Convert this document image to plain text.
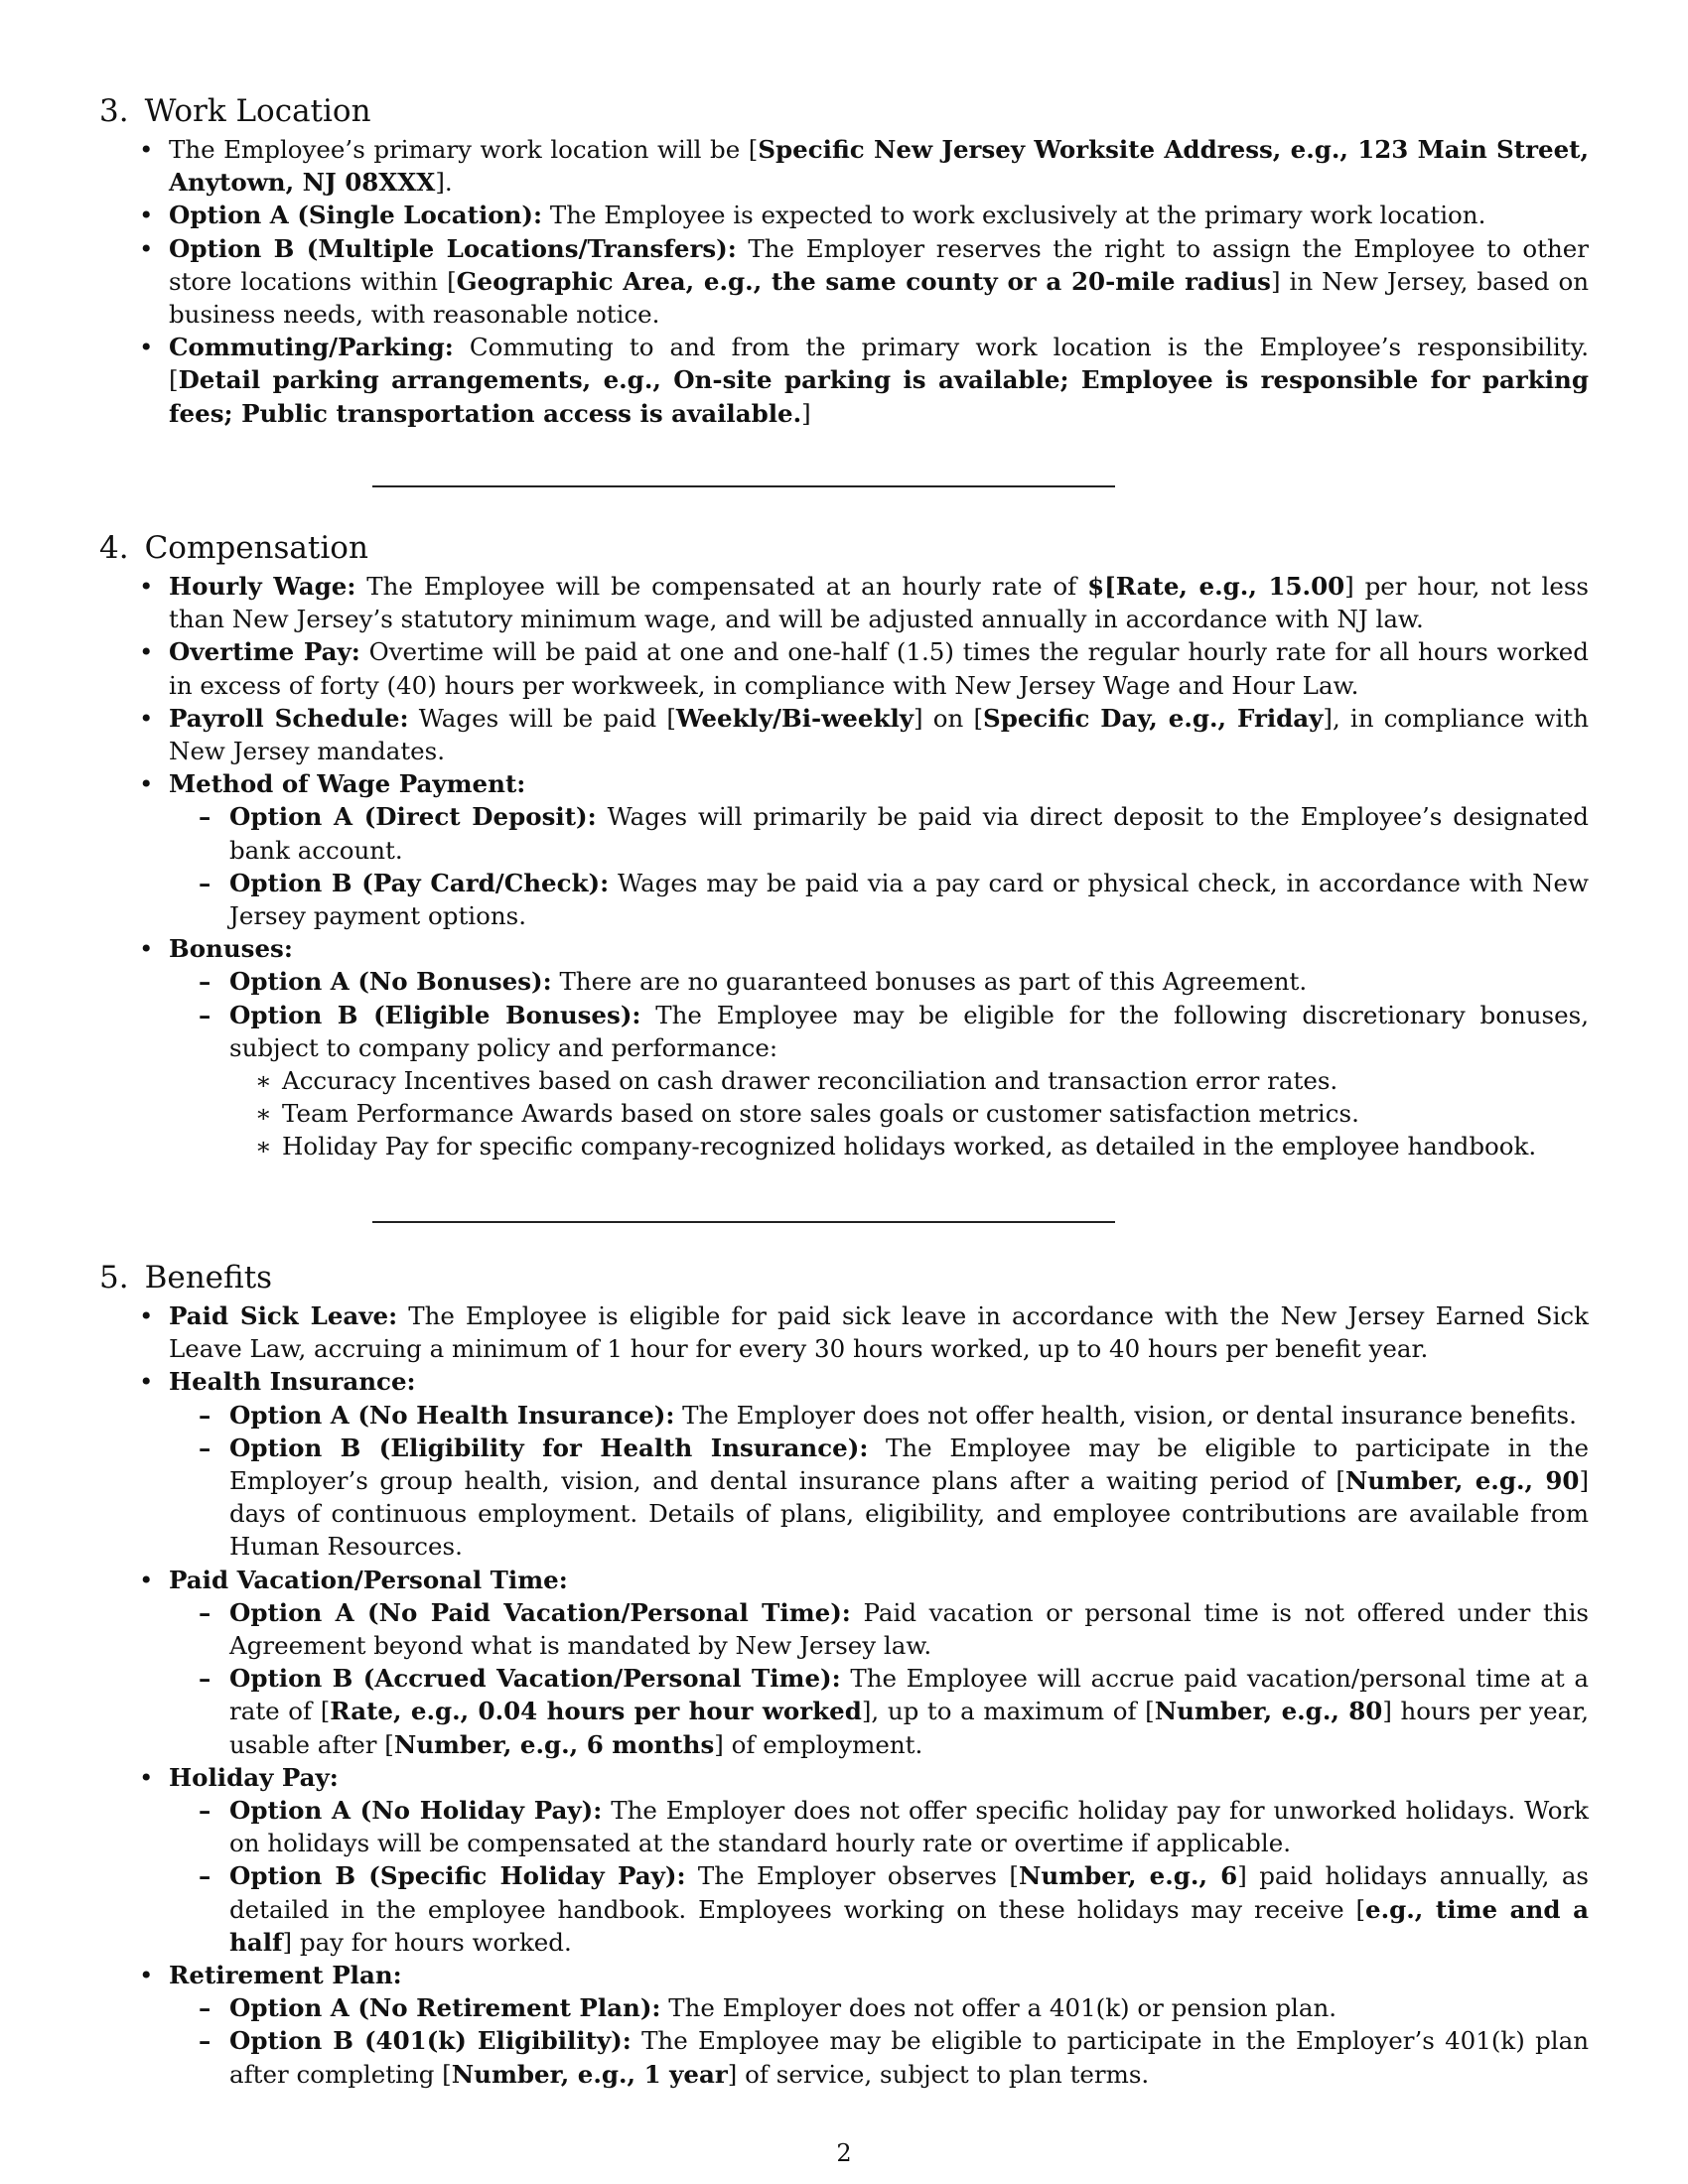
3. Work Location
• The Employee’s primary work location will be [Specific New Jersey Worksite Address, e.g., 123 Main Street, Anytown, NJ 08XXX].
• Option A (Single Location): The Employee is expected to work exclusively at the primary work location.
• Option B (Multiple Locations/Transfers): The Employer reserves the right to assign the Employee to other store locations within [Geographic Area, e.g., the same county or a 20-mile radius] in New Jersey, based on business needs, with reasonable notice.
• Commuting/Parking: Commuting to and from the primary work location is the Employee’s responsibility. [Detail parking arrangements, e.g., On-site parking is available; Employee is responsible for parking fees; Public transportation access is available.]
4. Compensation
• Hourly Wage: The Employee will be compensated at an hourly rate of $[Rate, e.g., 15.00] per hour, not less than New Jersey’s statutory minimum wage, and will be adjusted annually in accordance with NJ law.
• Overtime Pay: Overtime will be paid at one and one-half (1.5) times the regular hourly rate for all hours worked in excess of forty (40) hours per workweek, in compliance with New Jersey Wage and Hour Law.
• Payroll Schedule: Wages will be paid [Weekly/Bi-weekly] on [Specific Day, e.g., Friday], in compliance with New Jersey mandates.
• Method of Wage Payment:
– Option A (Direct Deposit): Wages will primarily be paid via direct deposit to the Employee’s designated bank account.
– Option B (Pay Card/Check): Wages may be paid via a pay card or physical check, in accordance with New Jersey payment options.
• Bonuses:
– Option A (No Bonuses): There are no guaranteed bonuses as part of this Agreement.
– Option B (Eligible Bonuses): The Employee may be eligible for the following discretionary bonuses, subject to company policy and performance:
∗ Accuracy Incentives based on cash drawer reconciliation and transaction error rates.
∗ Team Performance Awards based on store sales goals or customer satisfaction metrics.
∗ Holiday Pay for specific company-recognized holidays worked, as detailed in the employee handbook.
5. Benefits
• Paid Sick Leave: The Employee is eligible for paid sick leave in accordance with the New Jersey Earned Sick Leave Law, accruing a minimum of 1 hour for every 30 hours worked, up to 40 hours per benefit year.
• Health Insurance:
– Option A (No Health Insurance): The Employer does not offer health, vision, or dental insurance benefits.
– Option B (Eligibility for Health Insurance): The Employee may be eligible to participate in the Employer’s group health, vision, and dental insurance plans after a waiting period of [Number, e.g., 90] days of continuous employment. Details of plans, eligibility, and employee contributions are available from Human Resources.
• Paid Vacation/Personal Time:
– Option A (No Paid Vacation/Personal Time): Paid vacation or personal time is not offered under this Agreement beyond what is mandated by New Jersey law.
– Option B (Accrued Vacation/Personal Time): The Employee will accrue paid vacation/personal time at a rate of [Rate, e.g., 0.04 hours per hour worked], up to a maximum of [Number, e.g., 80] hours per year, usable after [Number, e.g., 6 months] of employment.
• Holiday Pay:
– Option A (No Holiday Pay): The Employer does not offer specific holiday pay for unworked holidays. Work on holidays will be compensated at the standard hourly rate or overtime if applicable.
– Option B (Specific Holiday Pay): The Employer observes [Number, e.g., 6] paid holidays annually, as detailed in the employee handbook. Employees working on these holidays may receive [e.g., time and a half] pay for hours worked.
• Retirement Plan:
– Option A (No Retirement Plan): The Employer does not offer a 401(k) or pension plan.
– Option B (401(k) Eligibility): The Employee may be eligible to participate in the Employer’s 401(k) plan after completing [Number, e.g., 1 year] of service, subject to plan terms.
2
